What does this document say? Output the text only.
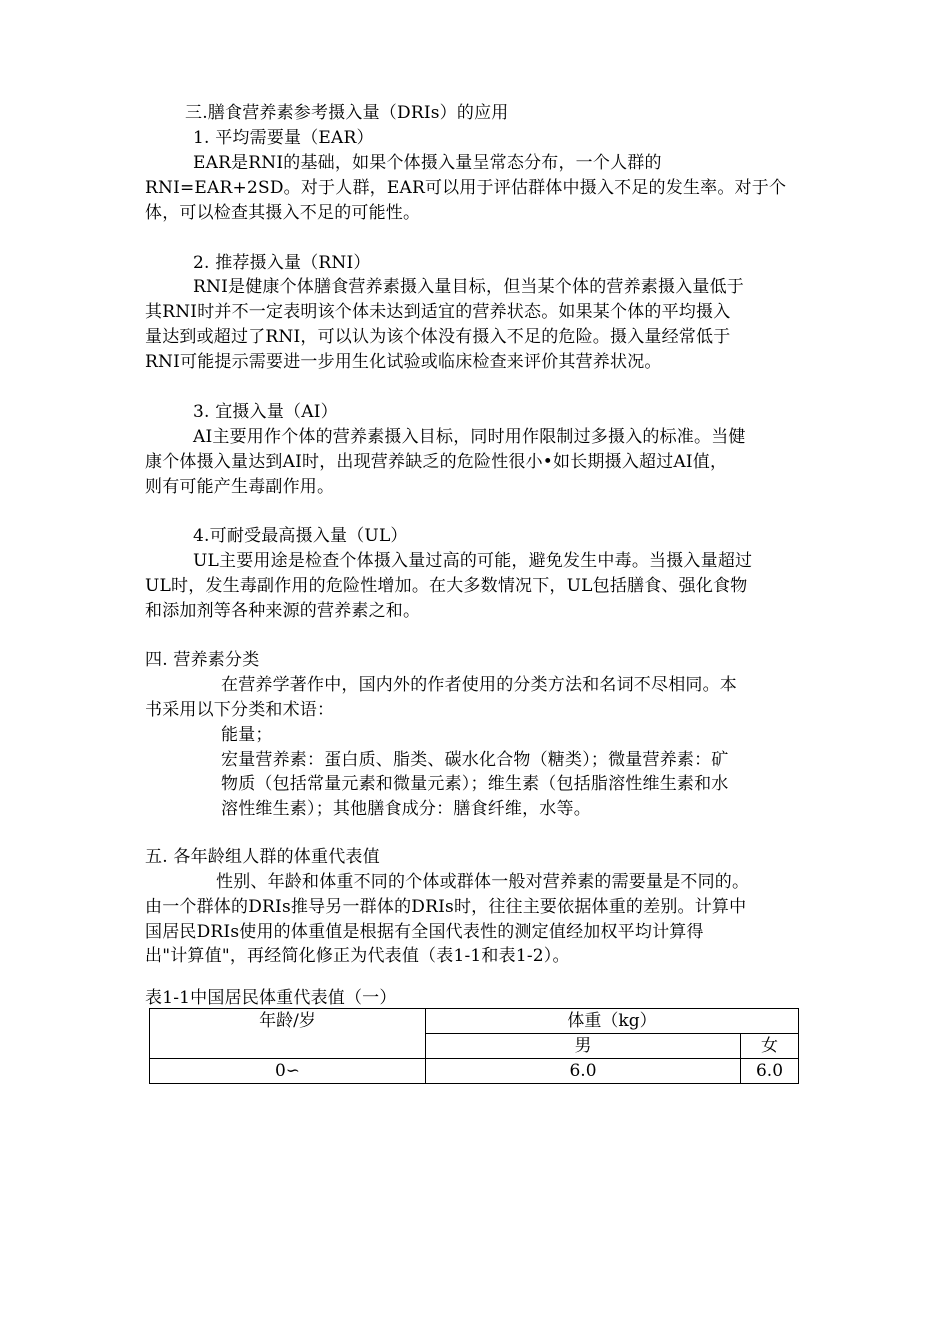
三.膳食营养素参考摄入量（DRIs）的应用
1. 平均需要量（EAR）
EAR是RNI的基础，如果个体摄入量呈常态分布，一个人群的
RNI=EAR+2SD。对于人群，EAR可以用于评估群体中摄入不足的发生率。对于个
体，可以检查其摄入不足的可能性。
2. 推荐摄入量（RNI）
RNI是健康个体膳食营养素摄入量目标，但当某个体的营养素摄入量低于
其RNI时并不一定表明该个体未达到适宜的营养状态。如果某个体的平均摄入
量达到或超过了RNI，可以认为该个体没有摄入不足的危险。摄入量经常低于
RNI可能提示需要进一步用生化试验或临床检查来评价其营养状况。
3. 宜摄入量（AI）
AI主要用作个体的营养素摄入目标，同时用作限制过多摄入的标准。当健
康个体摄入量达到AI时，出现营养缺乏的危险性很小•如长期摄入超过AI值，
则有可能产生毒副作用。
4.可耐受最高摄入量（UL）
UL主要用途是检查个体摄入量过高的可能，避免发生中毒。当摄入量超过
UL时，发生毒副作用的危险性增加。在大多数情况下，UL包括膳食、强化食物
和添加剂等各种来源的营养素之和。
四. 营养素分类
在营养学著作中，国内外的作者使用的分类方法和名词不尽相同。本
书采用以下分类和术语：
能量；
宏量营养素：蛋白质、脂类、碳水化合物（糖类）；微量营养素：矿
物质（包括常量元素和微量元素）；维生素（包括脂溶性维生素和水
溶性维生素）；其他膳食成分：膳食纤维，水等。
五. 各年龄组人群的体重代表值
性别、年龄和体重不同的个体或群体一般对营养素的需要量是不同的。
由一个群体的DRIs推导另一群体的DRIs时，往往主要依据体重的差别。计算中
国居民DRIs使用的体重值是根据有全国代表性的测定值经加权平均计算得
出"计算值"，再经简化修正为代表值（表1-1和表1-2）。
表1-1中国居民体重代表值（一）
年龄/岁	体重（kg）	
	男	女
0∽	6.0	6.0
